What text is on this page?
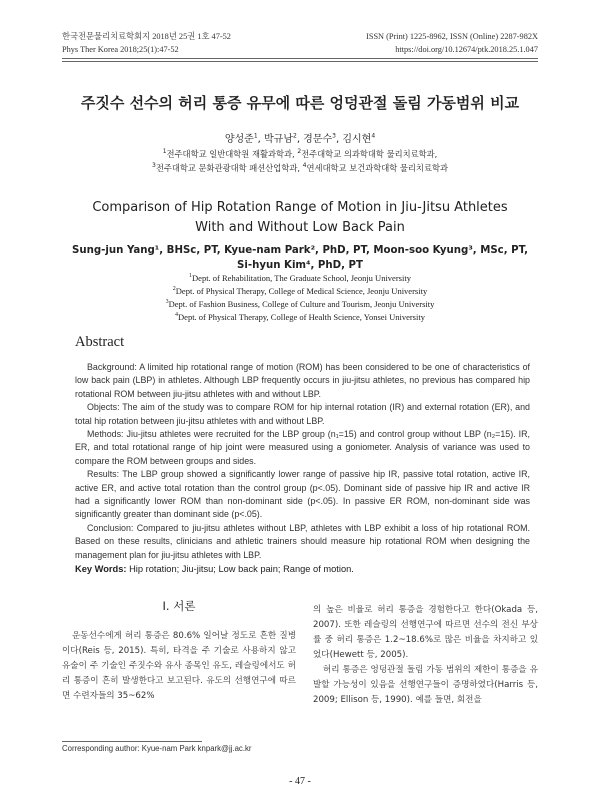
한국전문물리치료학회지 2018년 25권 1호 47-52
Phys Ther Korea 2018;25(1):47-52
ISSN (Print) 1225-8962, ISSN (Online) 2287-982X
https://doi.org/10.12674/ptk.2018.25.1.047
주짓수 선수의 허리 통증 유무에 따른 엉덩관절 돌림 가동범위 비교
양성준$^1$, 박규남$^2$, 경문수$^3$, 김시현$^4$
$^1$전주대학교 일반대학원 재활과학과, $^2$전주대학교 의과학대학 물리치료학과,
$^3$전주대학교 문화관광대학 패션산업학과, $^4$연세대학교 보건과학대학 물리치료학과
Comparison of Hip Rotation Range of Motion in Jiu-Jitsu Athletes
With and Without Low Back Pain
Sung-jun Yang¹, BHSc, PT, Kyue-nam Park², PhD, PT, Moon-soo Kyung³, MSc, PT,
Si-hyun Kim⁴, PhD, PT
$^1$Dept. of Rehabilitation, The Graduate School, Jeonju University
$^2$Dept. of Physical Therapy, College of Medical Science, Jeonju University
$^3$Dept. of Fashion Business, College of Culture and Tourism, Jeonju University
$^4$Dept. of Physical Therapy, College of Health Science, Yonsei University
Abstract

Background: A limited hip rotational range of motion (ROM) has been considered to be one of characteristics of low back pain (LBP) in athletes. Although LBP frequently occurs in jiu-jitsu athletes, no previous has compared hip rotational ROM between jiu-jitsu athletes with and without LBP.

Objects: The aim of the study was to compare ROM for hip internal rotation (IR) and external rotation (ER), and total hip rotation between jiu-jitsu athletes with and without LBP.

Methods: Jiu-jitsu athletes were recruited for the LBP group (n₁=15) and control group without LBP (n₂=15). IR, ER, and total rotational range of hip joint were measured using a goniometer. Analysis of variance was used to compare the ROM between groups and sides.

Results: The LBP group showed a significantly lower range of passive hip IR, passive total rotation, active IR, active ER, and active total rotation than the control group (p<.05). Dominant side of passive hip IR and active IR had a significantly lower ROM than non-dominant side (p<.05). In passive ER ROM, non-dominant side was significantly greater than dominant side (p<.05).

Conclusion: Compared to jiu-jitsu athletes without LBP, athletes with LBP exhibit a loss of hip rotational ROM. Based on these results, clinicians and athletic trainers should measure hip rotational ROM when designing the management plan for jiu-jitsu athletes with LBP.

Key Words: Hip rotation; Jiu-jitsu; Low back pain; Range of motion.
Ⅰ. 서론

운동선수에게 허리 통증은 80.6% 일어날 정도로 흔한 질병이다(Reis 등, 2015). 특히, 타격을 주 기술로 사용하지 않고 유술이 주 기술인 주짓수와 유사 종목인 유도, 레슬링에서도 허리 통증이 흔히 발생한다고 보고된다. 유도의 선행연구에 따르면 수련자들의 35~62%

의 높은 비율로 허리 통증을 경험한다고 한다(Okada 등, 2007). 또한 레슬링의 선행연구에 따르면 선수의 전신 부상률 중 허리 통증은 1.2~18.6%로 많은 비율을 차지하고 있었다(Hewett 등, 2005).

허리 통증은 엉덩관절 돌림 가동 범위의 제한이 통증을 유발할 가능성이 있음을 선행연구들이 증명하였다(Harris 등, 2009; Ellison 등, 1990). 예를 들면, 회전을

Corresponding author: Kyue-nam Park knpark@jj.ac.kr
- 47 -
